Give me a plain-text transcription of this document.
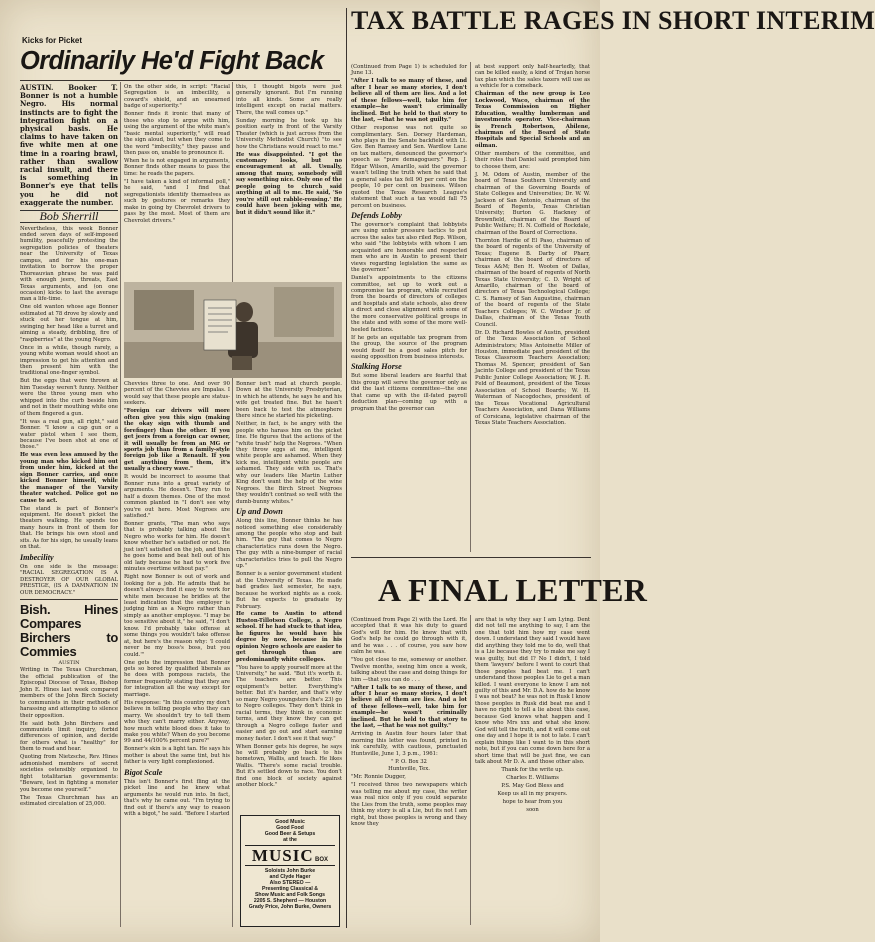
Kicks for Picket
Ordinarily He'd Fight Back
TAX BATTLE RAGES IN SHORT INTERIM

AUSTIN. Booker T. Bonner is not a humble Negro. His normal instincts are to fight the integration fight on a physical basis. He claims to have taken on five white men at one time in a roaring brawl, rather than swallow racial insult, and there is something in Bonner's eye that tells you he did not exaggerate the number.

Bob Sherrill

Nevertheless, this week Bonner ended seven days of self-imposed humility, peacefully protesting the segregation policies of theaters near the University of Texas campus, and for his one-man invitation to borrow the proper Thoreauvian phrase he was paid with enough jeers, threats, East Texas arguments, and (on one occasion) kicks to last the average man a life-time.

One old wanton whose age Bonner estimated at 78 drove by slowly and stuck out her tongue at him, swinging her head like a turret and aiming a steady, dribbling, fire of "raspberries" at the young Negro.

Once in a while, though rarely, a young white woman would shoot an impression to get his attention and then present him with the traditional one-finger symbol.

But the eggs that were thrown at him Tuesday weren't funny. Neither were the three young men who whipped into the curb beside him and not in their mouthing white one of them fingered a gun.

"It was a real gun, all right," said Bonner. "I know a cap gun or a water pistol when I see them, because I've been shot at one of those."

He was even less amused by the young man who kicked him out from under him, kicked at the sign Bonner carries, and once kicked Bonner himself, while the manager of the Varsity theater watched. Police got no cause to act.

The stand is part of Bonner's equipment. He doesn't picket the theaters walking. He spends too many hours in front of them for that. He brings his own stool and sits. As for his sign, he usually leans on that.

Imbecility

On one side is the message: "RACIAL SEGREGATION IS A DESTROYER OF OUR GLOBAL PRESTIGE, (IS A DAMNATION IN OUR DEMOCRACY."

Bish. Hines Compares Birchers to Commies

AUSTIN

Writing in The Texas Churchman, the official publication of the Episcopal Diocese of Texas, Bishop John E. Hines last week compared members of the John Birch Society to communists in their methods of harassing and attempting to silence their opposition.

He said both John Birchers and communists limit inquiry, forbid differences of opinion, and decide for others what is "healthy" for them to read and hear.

Quoting from Nietzsche, Rev. Hines admonished members of secret societies ostensibly organized to fight totalitarian governments: "Beware, lest in fighting a monster you become one yourself."

The Texas Churchman has an estimated circulation of 25,000.

On the other side, in script: "Racial Segregation is an imbecility, a coward's shield, and an unearned badge of superiority."

Bonner finds it ironic that many of those who stop to argue with him, using the argument of the white man's "basic mental superiority," will read the sign aloud, but when they come to the word "imbecility," they pause and then pass on, unable to pronounce it.

When he is not engaged in arguments, Bonner finds other means to pass the time: he reads the papers.

"I have taken a kind of informal poll," he said, "and I find that segregationists identify themselves as such by gestures or remarks they make in going by Chevrolet drivers to pass by the most. Most of them are Chevrolet drivers."

Chevvies three to one. And over 90 percent of the Chevvies are Impalas. I would say that these people are status-seekers.

"Foreign car drivers will more often give you this sign (making the okay sign with thumb and forefinger) than the other. If you get jeers from a foreign car owner, it will usually be from an MG or sports job than from a family-style foreign job like a Renault. If you get anything from them, it's usually a cheery wave."

It would be incorrect to assume that Bonner runs into a great variety of arguments. He doesn't. They run to half a dozen themes. One of the most common planted in "I don't see why you're out here. Most Negroes are satisfied."

Bonner grants, "The man who says that is probably talking about the Negro who works for him. He doesn't know whether he's satisfied or not. He just isn't satisfied on the job, and then he goes home and beat hell out of his old lady because he had to work five minutes overtime without pay."

Right now Bonner is out of work and looking for a job. He admits that he doesn't always find it easy to work for white men because he bridles at the least indication that the employer is judging him as a Negro rather than simply as another employee. "I may be too sensitive about it," he said, "I don't know. I'd probably take offense at some things you wouldn't take offense at, but here's the reason why: 'I could never be my boss's boss, but you could.'"

One gets the impression that Bonner gets so bored by qualified liberals as he does with pompous racists, the former frequently stating that they are for integration all the way except for marriage.

His response: "In this country my don't believe in telling people who they can marry. We shouldn't try to tell them who they can't marry either. Anyway, how much white blood does it take to make you white? When do you become 99 and 44/100% percent pure?"

Bonner's skin is a light tan. He says his mother is about the same tint, but his father is very light complexioned.

Bigot Scale

This isn't Bonner's first fling at the picket line and he knew what arguments he would run into. In fact, that's why he came out. "I'm trying to find out if there's any way to reason with a bigot," he said. "Before I started

this, I thought bigots were just generally ignorant. But I'm running into all kinds. Some are really intelligent except on racial matters. There, the wall comes up."

Sunday morning he took up his position early in front of the Varsity Theater (which is just across from the University Methodist Church) "to see how the Christians would react to me."

He was disappointed. "I got the customary looks, but no encouragement at all. Usually, among that many, somebody will say something nice. Only one of the people going to church said anything at all to me. He said, 'So you're still out rabble-rousing.' He could have been joking with me, but it didn't sound like it."

Bonner isn't mad at church people. Down at the University Presbyterian, in which he attends, he says he and his wife get treated fine. But he hasn't been back to test the atmosphere there since he started his picketing.

Neither, in fact, is he angry with the people who harass him on the picket line. He figures that the actions of the "white trash" help the Negroes. "When they throw eggs at me, intelligent white people are ashamed. When they kick me, intelligent white people are ashamed. They side with us. That's why our leaders like Martin Luther King don't want the help of the wine Negroes. the Birch Street Negroes they wouldn't contrast so well with the dumb-bunny whites."

Up and Down

Along this line, Bonner thinks he has noticed something else considerably among the people who stop and bait him. "The guy that comes to Negro characteristics runs down the Negro. The guy with a nine-bumper of racial characteristics tries to pull the Negro up."

Bonner is a senior government student at the University of Texas. He made bad grades last semester, he says, because he worked nights as a cook. But he expects to graduate by February.

He came to Austin to attend Huston-Tillotson College, a Negro school. If he had stuck to that idea, he figures he would have his degree by now, because in his opinion Negro schools are easier to get through than are predominantly white colleges.

"You have to apply yourself more at the University," he said. "But it's worth it. The teachers are better. This equipment's better. Everything's better. But it's harder, and that's why so many Negro youngsters (he's 23) go to Negro colleges. They don't think in racial terms, they think in economic terms, and they know they can get through a Negro college faster and easier and go out and start earning money faster. I don't see it that way."

When Bonner gets his degree, he says he will probably go back to his hometown, Wallis, and teach. He likes Wallis. "There's some racial trouble. But it's settled down to race. You don't find one block of society against another block."

Good Music
Good Food
Good Beer & Setups
at the
MUSIC BOX
Soloists John Burke
and Clyde Hager
Also STEREO —
Presenting Classical &
Show Music and Folk Songs
2205 S. Shepherd — Houston
Grady Price, John Burke, Owners

(Continued from Page 1) is scheduled for June 13.

"After I talk to so many of these, and after I hear so many stories, I don't believe all of them are lies. And a lot of these fellows—well, take him for example—he wasn't criminally inclined. But he held to that story to the last, —that he was not guilty."

Other response was not quite so complimentary. Sen. Dorsey Hardeman, who plays in the Senate backfield with Lt. Gov. Ben Ramsey and Sen. Wardlow Lane on tax matters, denounced the governor's speech as "pure demagoguery." Rep. J. Edgar Wilson, Amarillo, said the governor wasn't telling the truth when he said that a general sales tax fell 90 per cent on the people, 10 per cent on business. Wilson quoted the Texas Research League's statement that such a tax would fall 75 percent on business.

Defends Lobby

The governor's complaint that lobbyists are using unfair pressure tactics to put across the sales tax also riled Rep. Wilson, who said "the lobbyists with whom I am acquainted are honorable and respected men who are in Austin to present their views regarding legislation the same as the governor."

Daniel's appointments to the citizens committee, set up to work out a compromise tax program, while recruited from the boards of directors of colleges and hospitals and state schools, also drew a direct and close alignment with some of the more conservative political groups in the state and with some of the more well-heeled factions.

If he gets an equitable tax program from the group, the source of the program would itself be a good sales pitch for easing opposition from business interests.

Stalking Horse

But some liberal leaders are fearful that this group will serve the governor only as did the last citizens committee—the one that came up with the ill-fated payroll deduction plan—coming up with a program that the governor can

at best support only half-heartedly, that can be killed easily, a kind of Trojan horse tax plan which the sales taxers will use as a vehicle for a comeback.

Chairman of the new group is Leo Lockwood, Waco, chairman of the Texas Commission on Higher Education, wealthy lumberman and investments operator. Vice-chairman is French Robertson, Abilene, chairman of the Board of State Hospitals and Special Schools and an oilman.

Other members of the committee, and their roles that Daniel said prompted him to choose them, are:

J. M. Odom of Austin, member of the board of Texas Southern University and chairman of the Governing Boards of State Colleges and Universities; Dr. W. W. Jackson of San Antonio, chairman of the Board of Regents, Texas Christian University; Burton G. Hackney of Brownfield, chairman of the Board of Public Welfare; H. N. Coffield of Rockdale, chairman of the Board of Corrections.

Thornton Hardie of El Paso, chairman of the board of regents of the University of Texas; Eugene B. Darby of Pharr, chairman of the board of directors of Texas A&M; Ben H. Wooten of Dallas, chairman of the board of regents of North Texas State University; C. D. Wright of Amarillo, chairman of the board of directors of Texas Technological College; C. S. Ramsey of San Augustine, chairman of the board of regents of the State Teachers Colleges; W. C. Windsor Jr. of Dallas, chairman of the Texas Youth Council.

Dr. D. Richard Bowles of Austin, president of the Texas Association of School Administrators; Miss Antoinette Miller of Houston, immediate past president of the Texas Classroom Teachers Association; Thomas M. Spencer, president of San Jacinto College and president of the Texas Public Junior College Association; W. J. R. Feld of Beaumont, president of the Texas Association of School Boards; W. H. Waterman of Nacogdoches, president of the Texas Vocational Agricultural Teachers Association, and Dana Williams of Corsicana, legislative chairman of the Texas State Teachers Association.

A FINAL LETTER

(Continued from Page 2) with the Lord. He accepted that it was his duty to guard God's will for him. He knew that with God's help he could go through with it, and he was . . . of course, you saw how calm he was.

"You got close to me, someway or another. Twelve months, seeing him once a week, talking about the case and doing things for him —that you can do . . .

"After I talk to so many of these, and after I hear so many stories, I don't believe all of them are lies. And a lot of these fellows—well, take him for example—he wasn't criminally inclined. But he held to that story to the last, —that he was not guilty."

Arriving in Austin four hours later that morning this letter was found, printed in ink carefully, with cautious, punctuated Huntsville, June 1, 3 p.m., 1961:

" P. O. Box 32

Huntsville, Tex.

"Mr. Ronnie Dugger,

"I received three two newspapers which was telling me about my case, the writer was real nice only if you could separate the Lies from the truth, some peoples may think my story is all a Lie, but its not I am right, but those peoples is wrong and they know they

are that is why they say I am Lying. Dent did not tell me anything to say, I am the one that told him how my case went down. I understand they said I would have did anything they told me to do, well that is a Lie because they try to make me say I was guilty, but did I? No I didn't, I told them 'lawyers' before I went to court that those peoples had beat me. I can't understand those peoples Lie to get a man killed. I want everyone to know I am not guilty of this and Mr. D.A. how do he know I was not beat? he was not in Rusk I know those peoples in Rusk did beat me and I have no right to tell a lie about this case, because God knows what happen and I know who Mrs xxx and what she know. God will tell the truth, and it will come out one day and I hope it is not to late. I can't explain things like I want to in this short note, but if you can come down here for a short time that will be just fine, we can talk about Mr D. A. and those other also.

Thank for the write up.

Charles E. Williams

P.S. May God Bless and

Keep us all in my prayers.

hope to hear from you

soon
